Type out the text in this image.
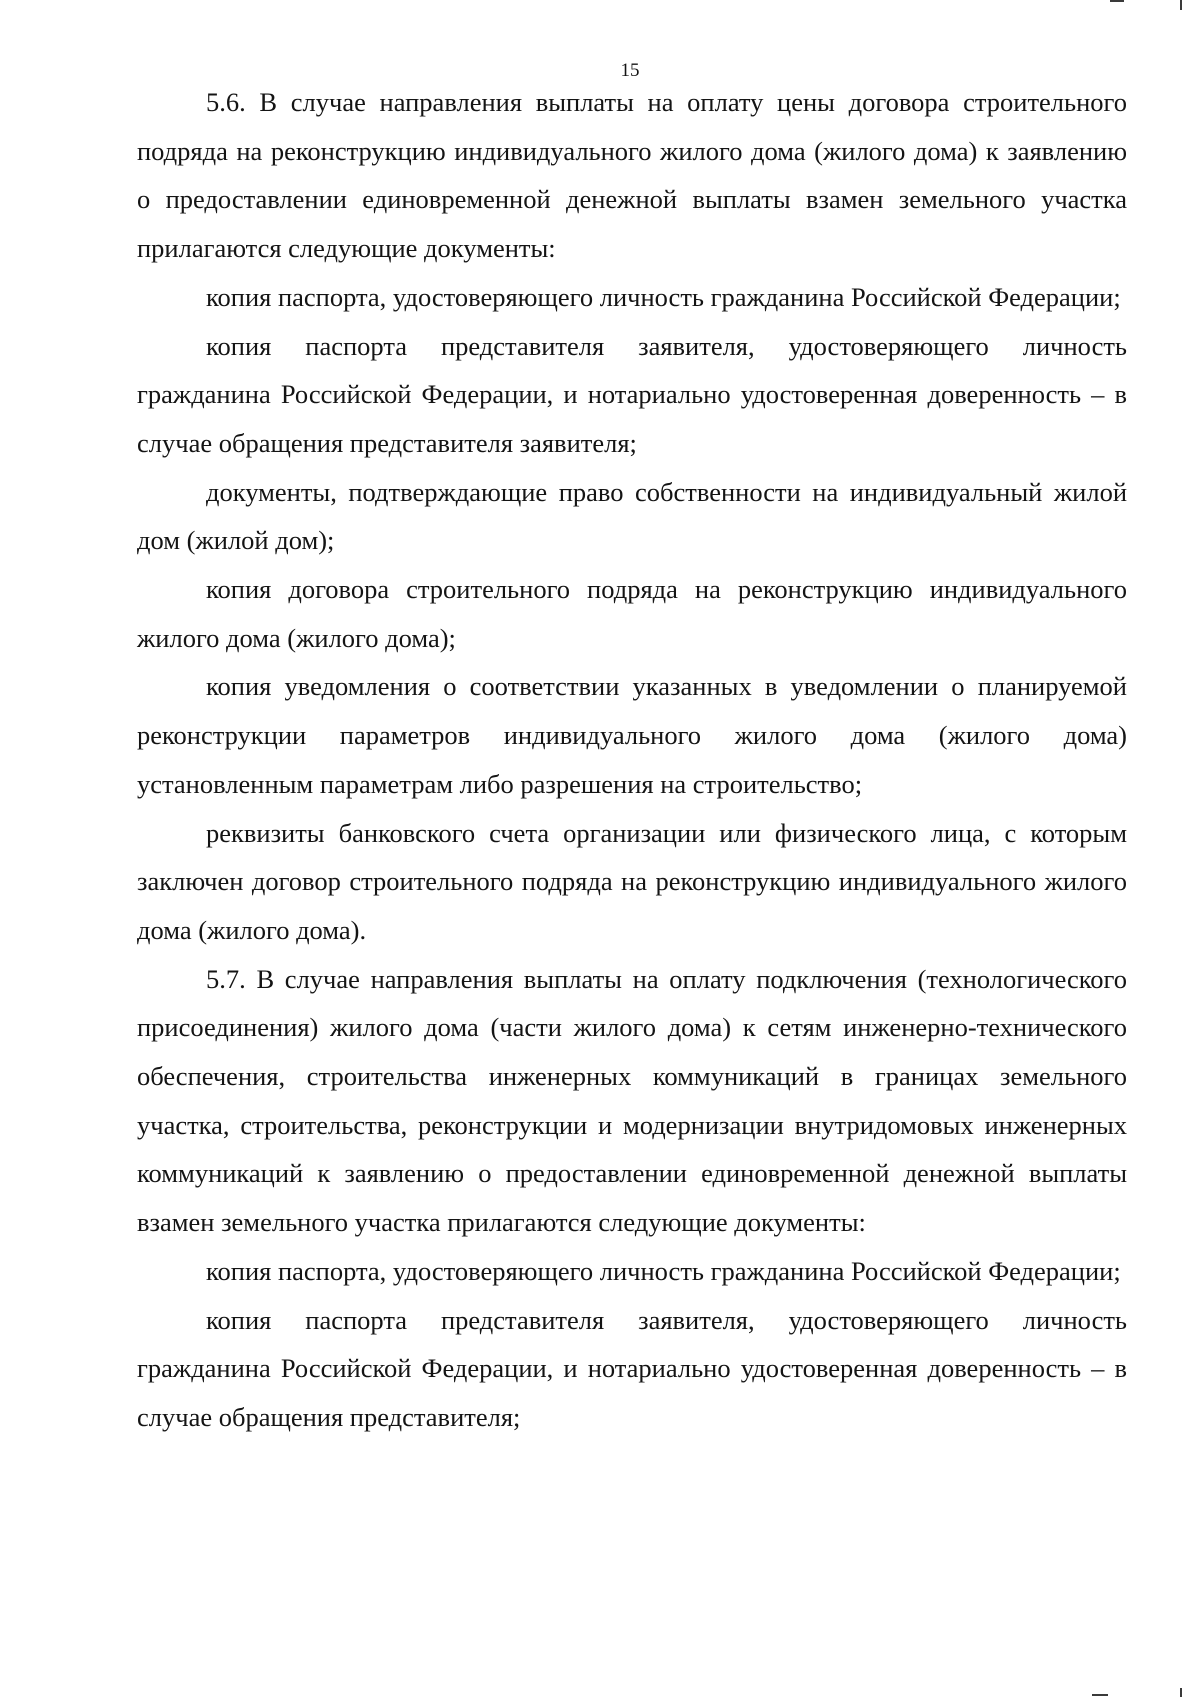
15

5.6. В случае направления выплаты на оплату цены договора строительного подряда на реконструкцию индивидуального жилого дома (жилого дома) к заявлению о предоставлении единовременной денежной выплаты взамен земельного участка прилагаются следующие документы:

копия паспорта, удостоверяющего личность гражданина Российской Федерации;

копия паспорта представителя заявителя, удостоверяющего личность гражданина Российской Федерации, и нотариально удостоверенная доверенность – в случае обращения представителя заявителя;

документы, подтверждающие право собственности на индивидуальный жилой дом (жилой дом);

копия договора строительного подряда на реконструкцию индивидуального жилого дома (жилого дома);

копия уведомления о соответствии указанных в уведомлении о планируемой реконструкции параметров индивидуального жилого дома (жилого дома) установленным параметрам либо разрешения на строительство;

реквизиты банковского счета организации или физического лица, с которым заключен договор строительного подряда на реконструкцию индивидуального жилого дома (жилого дома).

5.7. В случае направления выплаты на оплату подключения (технологического присоединения) жилого дома (части жилого дома) к сетям инженерно-технического обеспечения, строительства инженерных коммуникаций в границах земельного участка, строительства, реконструкции и модернизации внутридомовых инженерных коммуникаций к заявлению о предоставлении единовременной денежной выплаты взамен земельного участка прилагаются следующие документы:

копия паспорта, удостоверяющего личность гражданина Российской Федерации;

копия паспорта представителя заявителя, удостоверяющего личность гражданина Российской Федерации, и нотариально удостоверенная доверенность – в случае обращения представителя;
